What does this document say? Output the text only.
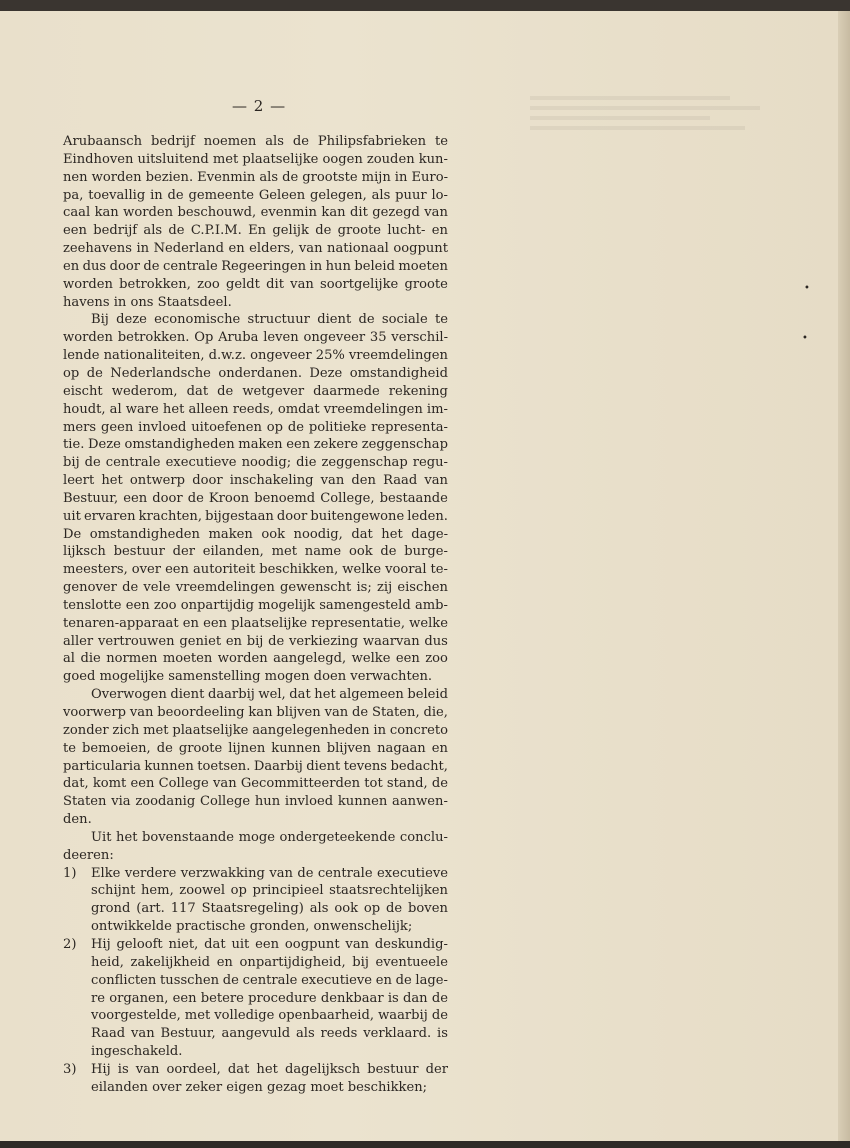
•
•
— 2 —
Arubaansch bedrijf noemen als de Philipsfabrieken te
Eindhoven uitsluitend met plaatselijke oogen zouden kun-
nen worden bezien. Evenmin als de grootste mijn in Euro-
pa, toevallig in de gemeente Geleen gelegen, als puur lo-
caal kan worden beschouwd, evenmin kan dit gezegd van
een bedrijf als de C.P.I.M. En gelijk de groote lucht- en
zeehavens in Nederland en elders, van nationaal oogpunt
en dus door de centrale Regeeringen in hun beleid moeten
worden betrokken, zoo geldt dit van soortgelijke groote
havens in ons Staatsdeel.
Bij deze economische structuur dient de sociale te
worden betrokken. Op Aruba leven ongeveer 35 verschil-
lende nationaliteiten, d.w.z. ongeveer 25% vreemdelingen
op de Nederlandsche onderdanen. Deze omstandigheid
eischt wederom, dat de wetgever daarmede rekening
houdt, al ware het alleen reeds, omdat vreemdelingen im-
mers geen invloed uitoefenen op de politieke representa-
tie. Deze omstandigheden maken een zekere zeggenschap
bij de centrale executieve noodig; die zeggenschap regu-
leert het ontwerp door inschakeling van den Raad van
Bestuur, een door de Kroon benoemd College, bestaande
uit ervaren krachten, bijgestaan door buitengewone leden.
De omstandigheden maken ook noodig, dat het dage-
lijksch bestuur der eilanden, met name ook de burge-
meesters, over een autoriteit beschikken, welke vooral te-
genover de vele vreemdelingen gewenscht is; zij eischen
tenslotte een zoo onpartijdig mogelijk samengesteld amb-
tenaren-apparaat en een plaatselijke representatie, welke
aller vertrouwen geniet en bij de verkiezing waarvan dus
al die normen moeten worden aangelegd, welke een zoo
goed mogelijke samenstelling mogen doen verwachten.
Overwogen dient daarbij wel, dat het algemeen beleid
voorwerp van beoordeeling kan blijven van de Staten, die,
zonder zich met plaatselijke aangelegenheden in concreto
te bemoeien, de groote lijnen kunnen blijven nagaan en
particularia kunnen toetsen. Daarbij dient tevens bedacht,
dat, komt een College van Gecommitteerden tot stand, de
Staten via zoodanig College hun invloed kunnen aanwen-
den.
Uit het bovenstaande moge ondergeteekende conclu-
deeren:
1) Elke verdere verzwakking van de centrale executieve
schijnt hem, zoowel op principieel staatsrechtelijken
grond (art. 117 Staatsregeling) als ook op de boven
ontwikkelde practische gronden, onwenschelijk;
2) Hij gelooft niet, dat uit een oogpunt van deskundig-
heid, zakelijkheid en onpartijdigheid, bij eventueele
conflicten tusschen de centrale executieve en de lage-
re organen, een betere procedure denkbaar is dan de
voorgestelde, met volledige openbaarheid, waarbij de
Raad van Bestuur, aangevuld als reeds verklaard. is
ingeschakeld.
3) Hij is van oordeel, dat het dagelijksch bestuur der
eilanden over zeker eigen gezag moet beschikken;
